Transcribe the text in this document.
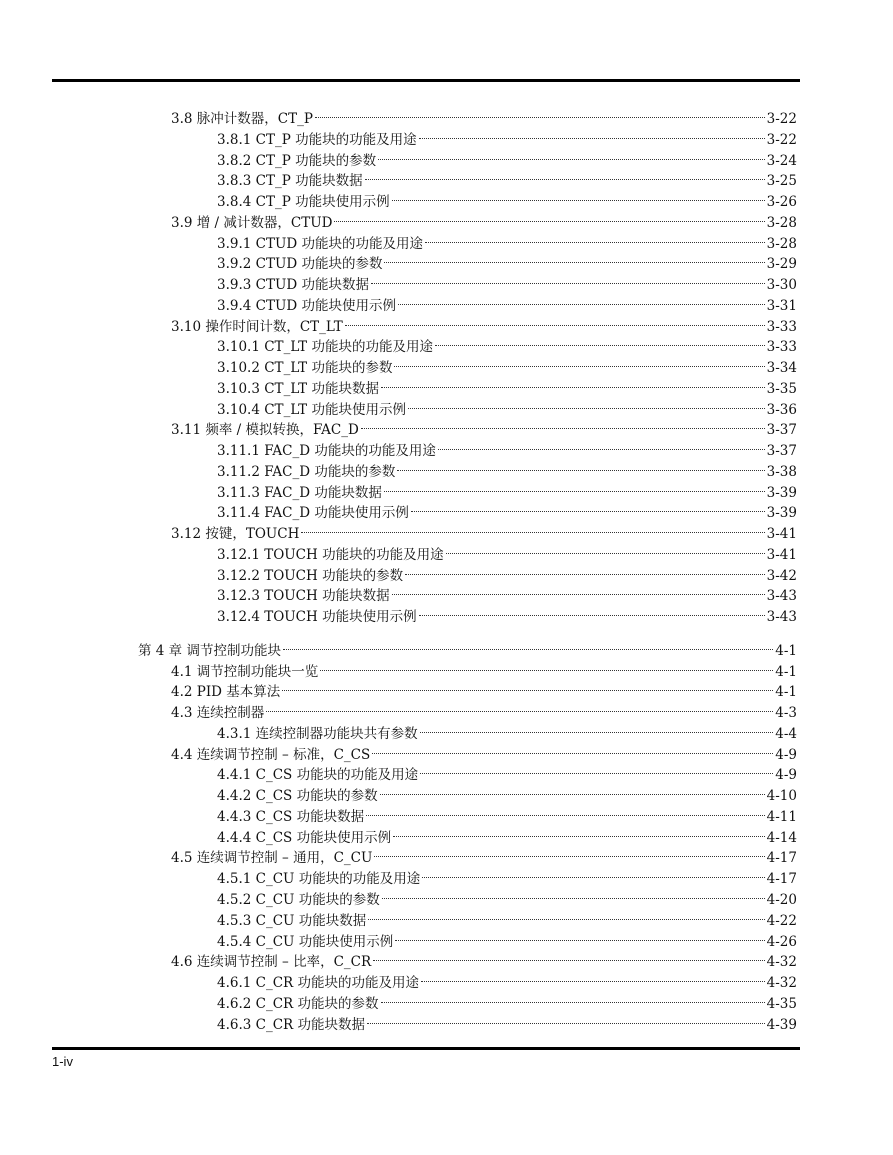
3.8 脉冲计数器，CT_P	3-22
3.8.1 CT_P 功能块的功能及用途	3-22
3.8.2 CT_P 功能块的参数	3-24
3.8.3 CT_P 功能块数据	3-25
3.8.4 CT_P 功能块使用示例	3-26
3.9 增 / 减计数器，CTUD	3-28
3.9.1 CTUD 功能块的功能及用途	3-28
3.9.2 CTUD 功能块的参数	3-29
3.9.3 CTUD 功能块数据	3-30
3.9.4 CTUD 功能块使用示例	3-31
3.10 操作时间计数，CT_LT	3-33
3.10.1 CT_LT 功能块的功能及用途	3-33
3.10.2 CT_LT 功能块的参数	3-34
3.10.3 CT_LT 功能块数据	3-35
3.10.4 CT_LT 功能块使用示例	3-36
3.11 频率 / 模拟转换，FAC_D	3-37
3.11.1 FAC_D 功能块的功能及用途	3-37
3.11.2 FAC_D 功能块的参数	3-38
3.11.3 FAC_D 功能块数据	3-39
3.11.4 FAC_D 功能块使用示例	3-39
3.12 按键，TOUCH	3-41
3.12.1 TOUCH 功能块的功能及用途	3-41
3.12.2 TOUCH 功能块的参数	3-42
3.12.3 TOUCH 功能块数据	3-43
3.12.4 TOUCH 功能块使用示例	3-43
第 4 章 调节控制功能块	4-1
4.1 调节控制功能块一览	4-1
4.2 PID 基本算法	4-1
4.3 连续控制器	4-3
4.3.1 连续控制器功能块共有参数	4-4
4.4 连续调节控制 – 标准，C_CS	4-9
4.4.1 C_CS 功能块的功能及用途	4-9
4.4.2 C_CS 功能块的参数	4-10
4.4.3 C_CS 功能块数据	4-11
4.4.4 C_CS 功能块使用示例	4-14
4.5 连续调节控制 – 通用，C_CU	4-17
4.5.1 C_CU 功能块的功能及用途	4-17
4.5.2 C_CU 功能块的参数	4-20
4.5.3 C_CU 功能块数据	4-22
4.5.4 C_CU 功能块使用示例	4-26
4.6 连续调节控制 – 比率，C_CR	4-32
4.6.1 C_CR 功能块的功能及用途	4-32
4.6.2 C_CR 功能块的参数	4-35
4.6.3 C_CR 功能块数据	4-39
1-iv
